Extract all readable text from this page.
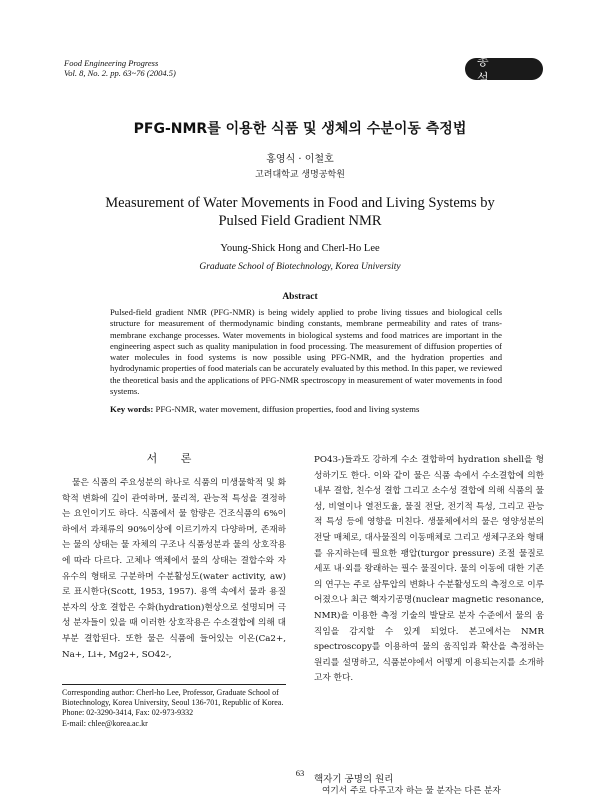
Food Engineering Progress
Vol. 8, No. 2. pp. 63~76 (2004.5)
총 설
PFG-NMR를 이용한 식품 및 생체의 수분이동 측정법
홍영식 · 이철호
고려대학교 생명공학원
Measurement of Water Movements in Food and Living Systems by
Pulsed Field Gradient NMR
Young-Shick Hong and Cherl-Ho Lee
Graduate School of Biotechnology, Korea University
Abstract
Pulsed-field gradient NMR (PFG-NMR) is being widely applied to probe living tissues and biological cells structure for measurement of thermodynamic binding constants, membrane permeability and rates of trans-membrane exchange processes. Water movements in biological systems and food matrices are important in the engineering aspect such as quality manipulation in food processing. The measurement of diffusion properties of water molecules in food systems is now possible using PFG-NMR, and the hydration properties and hydrodynamic properties of food materials can be accurately evaluated by this method. In this paper, we reviewed the theoretical basis and the applications of PFG-NMR spectroscopy in measurement of water movements in food systems.
Key words: PFG-NMR, water movement, diffusion properties, food and living systems
서 론

물은 식품의 주요성분의 하나로 식품의 미생물학적 및 화학적 변화에 깊이 관여하며, 물리적, 관능적 특성을 결정하는 요인이기도 하다. 식품에서 물 함량은 건조식품의 6%이하에서 과채류의 90%이상에 이르기까지 다양하며, 존재하는 물의 상태는 물 자체의 구조나 식품성분과 물의 상호작용에 따라 다르다. 고체나 액체에서 물의 상태는 결합수와 자유수의 형태로 구분하며 수분활성도(water activity, aw)로 표시한다(Scott, 1953, 1957). 용액 속에서 물과 용질 분자의 상호 결합은 수화(hydration)현상으로 설명되며 극성 분자들이 있을 때 이러한 상호작용은 수소결합에 의해 대부분 결합된다. 또한 물은 식품에 들어있는 이온(Ca2+, Na+, Li+, Mg2+, SO42-,

PO43-)들과도 강하게 수소 결합하여 hydration shell을 형성하기도 한다. 이와 같이 물은 식품 속에서 수소결합에 의한 내부 결합, 친수성 결합 그리고 소수성 결합에 의해 식품의 물성, 비열이나 열전도율, 물질 전달, 전기적 특성, 그리고 관능적 특성 등에 영향을 미친다. 생물체에서의 물은 영양성분의 전달 매체로, 대사물질의 이동매체로 그리고 생체구조와 형태를 유지하는데 필요한 팽압(turgor pressure) 조절 물질로 세포 내·외를 왕래하는 필수 물질이다. 물의 이동에 대한 기존의 연구는 주로 삼투압의 변화나 수분활성도의 측정으로 이루어졌으나 최근 핵자기공명(nuclear magnetic resonance, NMR)을 이용한 측정 기술의 발달로 분자 수준에서 물의 움직임을 감지할 수 있게 되었다. 본고에서는 NMR spectroscopy를 이용하여 물의 움직임과 확산을 측정하는 원리를 설명하고, 식품분야에서 어떻게 이용되는지를 소개하고자 한다.

핵자기 공명의 원리
여기서 주로 다루고자 하는 물 분자는 다른 분자
Corresponding author: Cherl-ho Lee, Professor, Graduate School of Biotechnology, Korea University, Seoul 136-701, Republic of Korea.
Phone: 02-3290-3414, Fax: 02-973-9332
E-mail: chlee@korea.ac.kr
63
